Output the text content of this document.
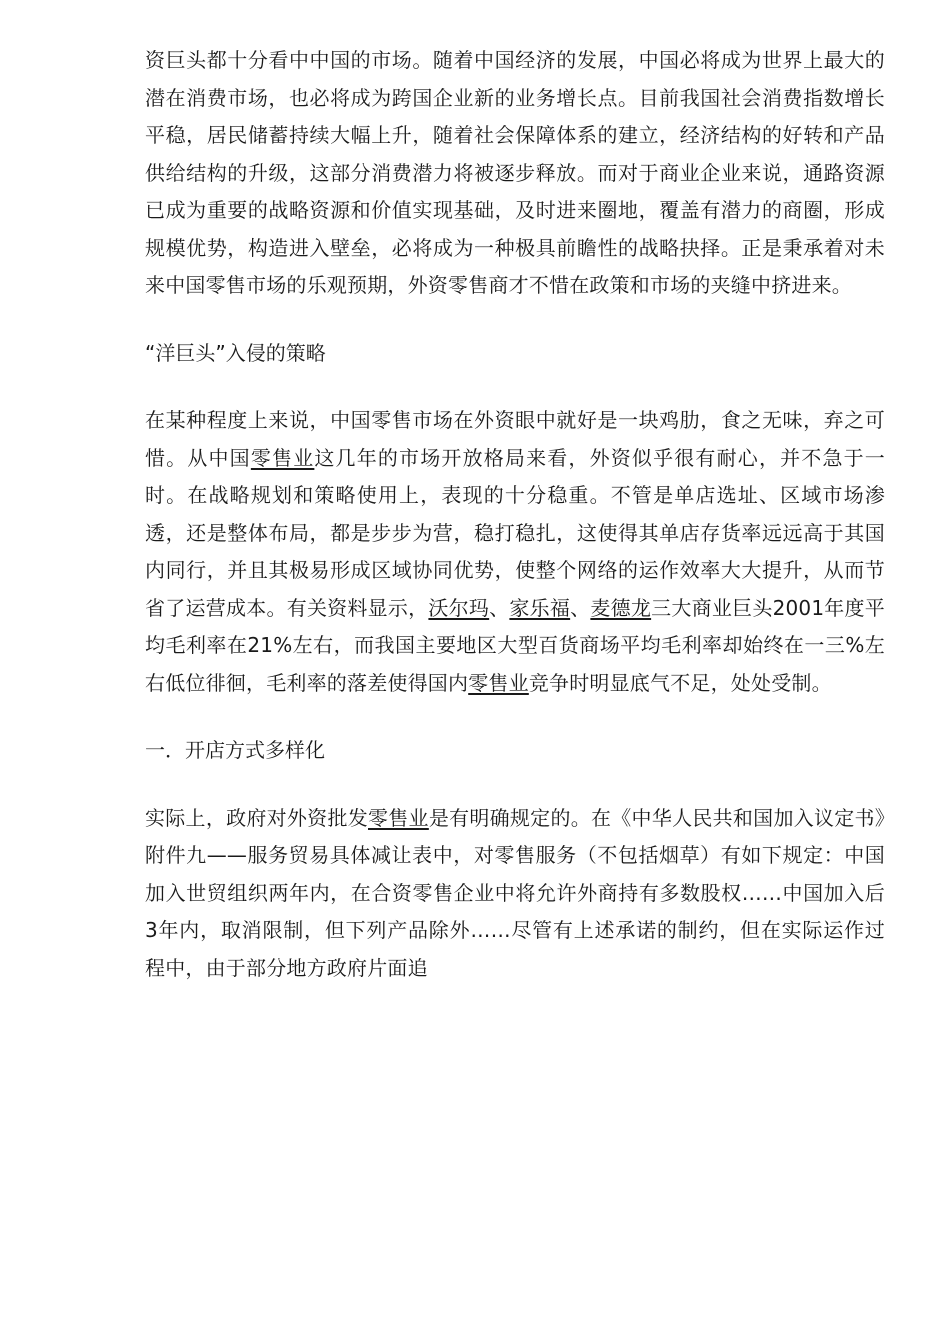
资巨头都十分看中中国的市场。随着中国经济的发展，中国必将成为世界上最大的潜在消费市场，也必将成为跨国企业新的业务增长点。目前我国社会消费指数增长平稳，居民储蓄持续大幅上升，随着社会保障体系的建立，经济结构的好转和产品供给结构的升级，这部分消费潜力将被逐步释放。而对于商业企业来说，通路资源已成为重要的战略资源和价值实现基础，及时进来圈地，覆盖有潜力的商圈，形成规模优势，构造进入壁垒，必将成为一种极具前瞻性的战略抉择。正是秉承着对未来中国零售市场的乐观预期，外资零售商才不惜在政策和市场的夹缝中挤进来。

“洋巨头”入侵的策略

在某种程度上来说，中国零售市场在外资眼中就好是一块鸡肋，食之无味，弃之可惜。从中国零售业这几年的市场开放格局来看，外资似乎很有耐心，并不急于一时。在战略规划和策略使用上，表现的十分稳重。不管是单店选址、区域市场渗透，还是整体布局，都是步步为营，稳打稳扎，这使得其单店存货率远远高于其国内同行，并且其极易形成区域协同优势，使整个网络的运作效率大大提升，从而节省了运营成本。有关资料显示，沃尔玛、家乐福、麦德龙三大商业巨头2001年度平均毛利率在21%左右，而我国主要地区大型百货商场平均毛利率却始终在一三%左右低位徘徊，毛利率的落差使得国内零售业竞争时明显底气不足，处处受制。

一．开店方式多样化

实际上，政府对外资批发零售业是有明确规定的。在《中华人民共和国加入议定书》附件九——服务贸易具体减让表中，对零售服务（不包括烟草）有如下规定：中国加入世贸组织两年内，在合资零售企业中将允许外商持有多数股权……中国加入后3年内，取消限制，但下列产品除外……尽管有上述承诺的制约，但在实际运作过程中，由于部分地方政府片面追
